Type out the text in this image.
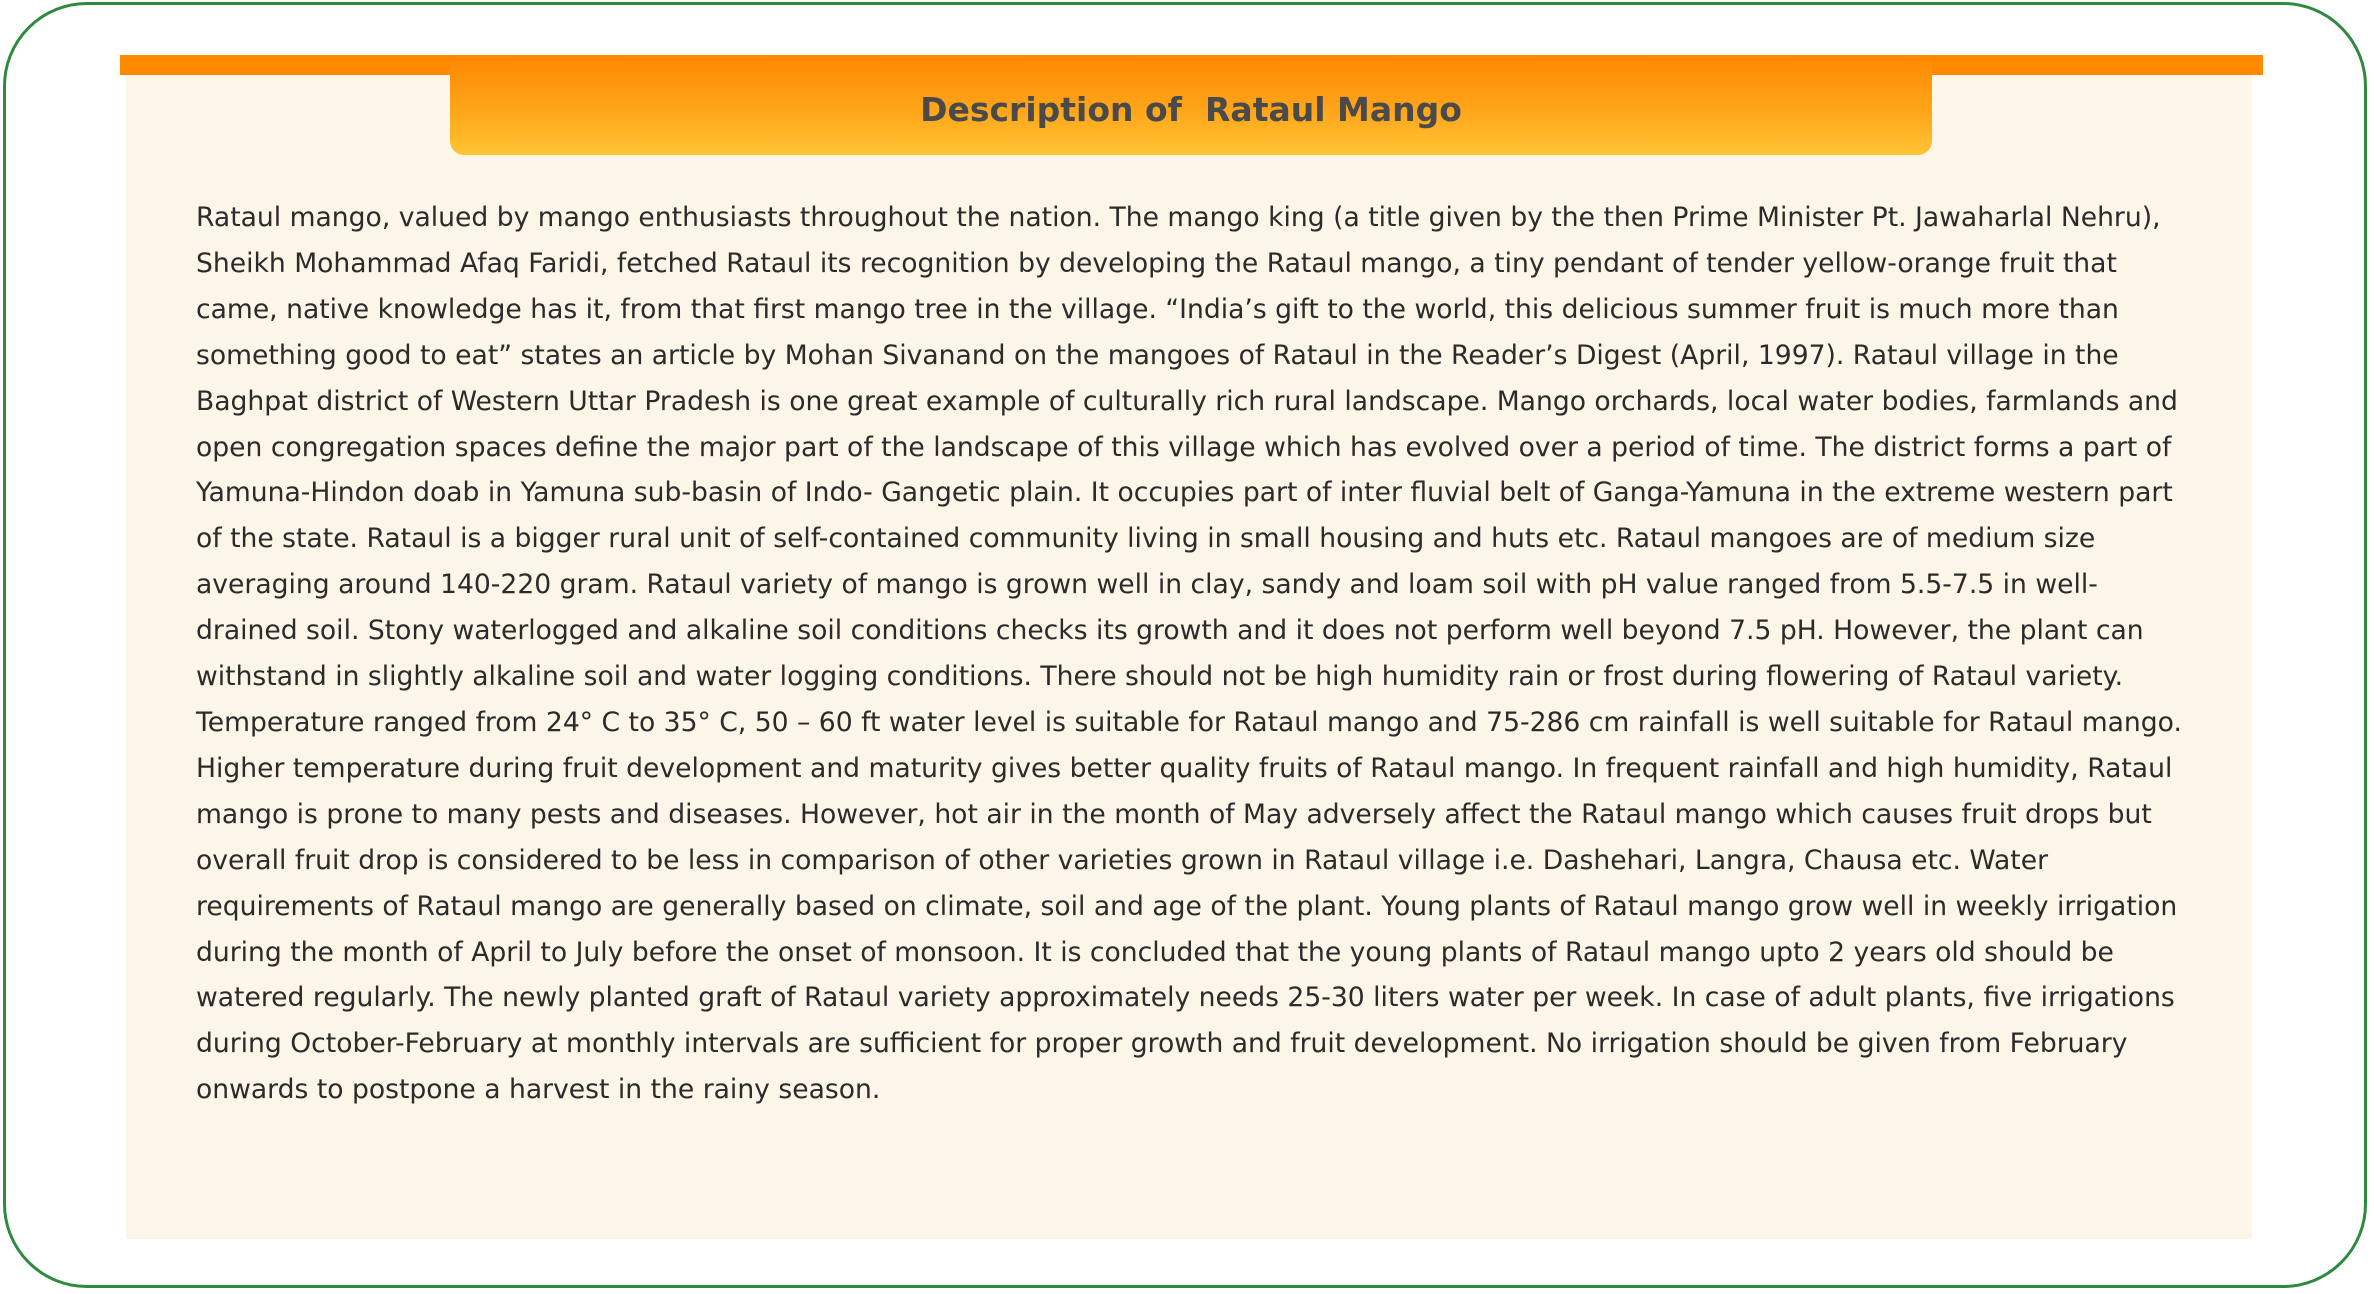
Description of  Rataul Mango

Rataul mango, valued by mango enthusiasts throughout the nation. The mango king (a title given by the then Prime Minister Pt. Jawaharlal Nehru), Sheikh Mohammad Afaq Faridi, fetched Rataul its recognition by developing the Rataul mango, a tiny pendant of tender yellow-orange fruit that came, native knowledge has it, from that first mango tree in the village. “India’s gift to the world, this delicious summer fruit is much more than something good to eat” states an article by Mohan Sivanand on the mangoes of Rataul in the Reader’s Digest (April, 1997). Rataul village in the Baghpat district of Western Uttar Pradesh is one great example of culturally rich rural landscape. Mango orchards, local water bodies, farmlands and open congregation spaces define the major part of the landscape of this village which has evolved over a period of time. The district forms a part of Yamuna-Hindon doab in Yamuna sub-basin of Indo- Gangetic plain. It occupies part of inter fluvial belt of Ganga-Yamuna in the extreme western part of the state. Rataul is a bigger rural unit of self-contained community living in small housing and huts etc. Rataul mangoes are of medium size averaging around 140-220 gram. Rataul variety of mango is grown well in clay, sandy and loam soil with pH value ranged from 5.5-7.5 in well-drained soil. Stony waterlogged and alkaline soil conditions checks its growth and it does not perform well beyond 7.5 pH. However, the plant can withstand in slightly alkaline soil and water logging conditions. There should not be high humidity rain or frost during flowering of Rataul variety. Temperature ranged from 24° C to 35° C, 50 – 60 ft water level is suitable for Rataul mango and 75-286 cm rainfall is well suitable for Rataul mango. Higher temperature during fruit development and maturity gives better quality fruits of Rataul mango. In frequent rainfall and high humidity, Rataul mango is prone to many pests and diseases. However, hot air in the month of May adversely affect the Rataul mango which causes fruit drops but overall fruit drop is considered to be less in comparison of other varieties grown in Rataul village i.e. Dashehari, Langra, Chausa etc. Water requirements of Rataul mango are generally based on climate, soil and age of the plant. Young plants of Rataul mango grow well in weekly irrigation during the month of April to July before the onset of monsoon. It is concluded that the young plants of Rataul mango upto 2 years old should be watered regularly. The newly planted graft of Rataul variety approximately needs 25-30 liters water per week. In case of adult plants, five irrigations during October-February at monthly intervals are sufficient for proper growth and fruit development. No irrigation should be given from February onwards to postpone a harvest in the rainy season.
